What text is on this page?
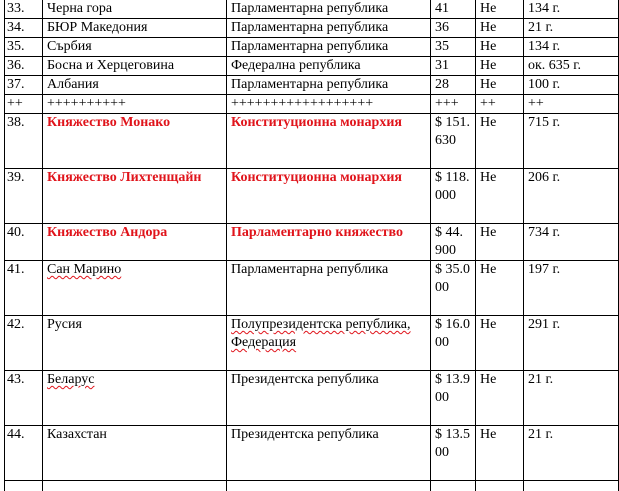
33.	Черна гора	Парламентарна република	41	Не	134 г.
34.	БЮР Македония	Парламентарна република	36	Не	21 г.
35.	Сърбия	Парламентарна република	35	Не	134 г.
36.	Босна и Херцеговина	Федерална република	31	Не	ок. 635 г.
37.	Албания	Парламентарна република	28	Не	100 г.
++	++++++++++	++++++++++++++++++	+++	++	++
38.	Княжество Монако	Конституционна монархия	$ 151. 630	Не	715 г.
39.	Княжество Лихтенщайн	Конституционна монархия	$ 118. 000	Не	206 г.
40.	Княжество Андора	Парламентарно княжество	$ 44. 900	Не	734 г.
41.	Сан Марино	Парламентарна република	$ 35.0 00	Не	197 г.
42.	Русия	Полупрезидентска република, Федерация	$ 16.0 00	Не	291 г.
43.	Беларус	Президентска република	$ 13.9 00	Не	21 г.
44.	Казахстан	Президентска република	$ 13.5 00	Не	21 г.
